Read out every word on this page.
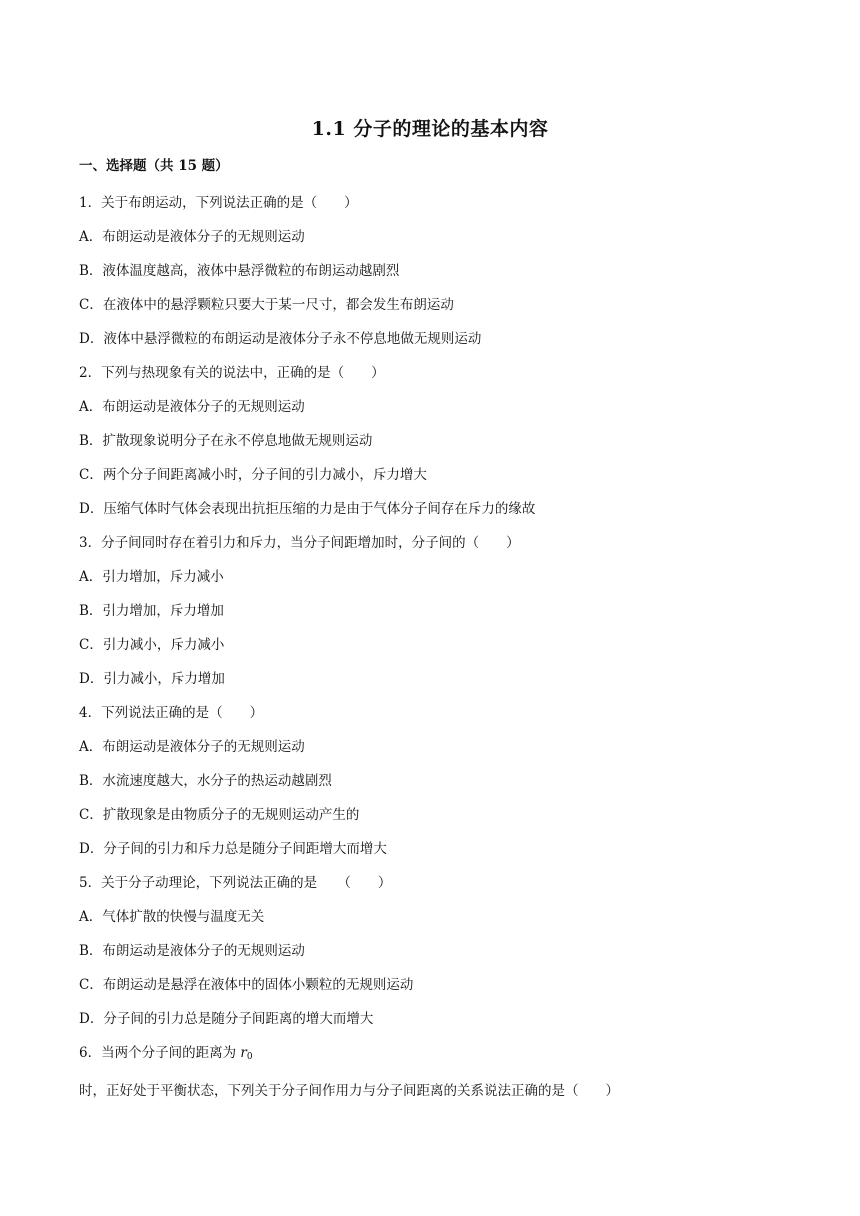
1.1 分子的理论的基本内容
一、选择题（共 15 题）
1．关于布朗运动，下列说法正确的是（　　）
A．布朗运动是液体分子的无规则运动
B．液体温度越高，液体中悬浮微粒的布朗运动越剧烈
C．在液体中的悬浮颗粒只要大于某一尺寸，都会发生布朗运动
D．液体中悬浮微粒的布朗运动是液体分子永不停息地做无规则运动
2．下列与热现象有关的说法中，正确的是（　　）
A．布朗运动是液体分子的无规则运动
B．扩散现象说明分子在永不停息地做无规则运动
C．两个分子间距离减小时，分子间的引力减小，斥力增大
D．压缩气体时气体会表现出抗拒压缩的力是由于气体分子间存在斥力的缘故
3．分子间同时存在着引力和斥力，当分子间距增加时，分子间的（　　）
A．引力增加，斥力减小
B．引力增加，斥力增加
C．引力减小，斥力减小
D．引力减小，斥力增加
4．下列说法正确的是（　　）
A．布朗运动是液体分子的无规则运动
B．水流速度越大，水分子的热运动越剧烈
C．扩散现象是由物质分子的无规则运动产生的
D．分子间的引力和斥力总是随分子间距增大而增大
5．关于分子动理论，下列说法正确的是　　（　　）
A．气体扩散的快慢与温度无关
B．布朗运动是液体分子的无规则运动
C．布朗运动是悬浮在液体中的固体小颗粒的无规则运动
D．分子间的引力总是随分子间距离的增大而增大
6．当两个分子间的距离为 $r_0$时，正好处于平衡状态，下列关于分子间作用力与分子间距离的关系说法正确的是（　　）
